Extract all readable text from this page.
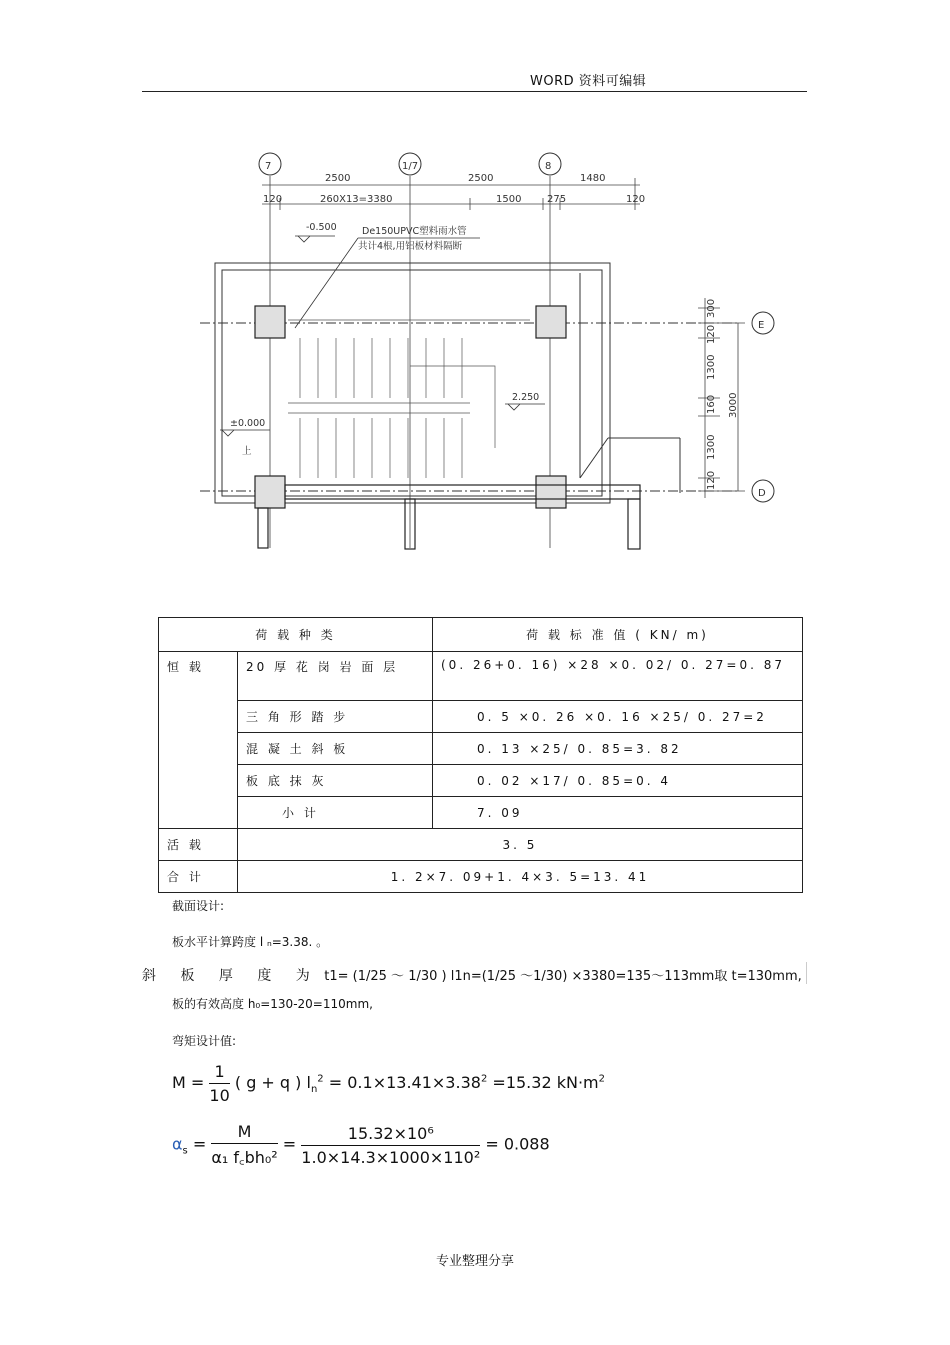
WORD 资料可编辑
7	1/7	8
E
D
2500	2500	1480
120	260X13=3380	1500	275	120
-0.500
2.250
±0.000
上
De150UPVC塑料雨水管
共计4根,用铝板材料隔断
300
120
1300
160
1300
120
3000
荷 载 种 类		荷 载 标 准 值 ( KN/ m)
恒 载	20 厚 花 岗 岩 面 层	(0. 26+0. 16) ×28 ×0. 02/ 0. 27=0. 87
	三 角 形 踏 步	0. 5 ×0. 26 ×0. 16 ×25/ 0. 27=2
	混 凝 土 斜 板	0. 13 ×25/ 0. 85=3. 82
	板 底 抹 灰	0. 02 ×17/ 0. 85=0. 4
	小 计	7. 09
活 载	3. 5	
合 计	1. 2×7. 09+1. 4×3. 5=13. 41	
截面设计:
板水平计算跨度 l ₙ=3.38. 。
斜 板 厚 度 为 t1= (1/25 ～ 1/30 ) l1n=(1/25 ～1/30) ×3380=135～113mm取 t=130mm,
板的有效高度 h₀=130-20=110mm,
弯矩设计值:
$M = \frac{1}{10}$ ( g + q ) $l_n^2 = 0.1\times 13.41\times 3.38^2 =15.32$ $kN\cdot m^2$
$\alpha_s = \frac{M}{\text{α₁ f꜀bh₀²}} = \frac{\text{15.32×10⁶}}{\text{1.0×14.3×1000×110²}} = 0.088$
专业整理分享
